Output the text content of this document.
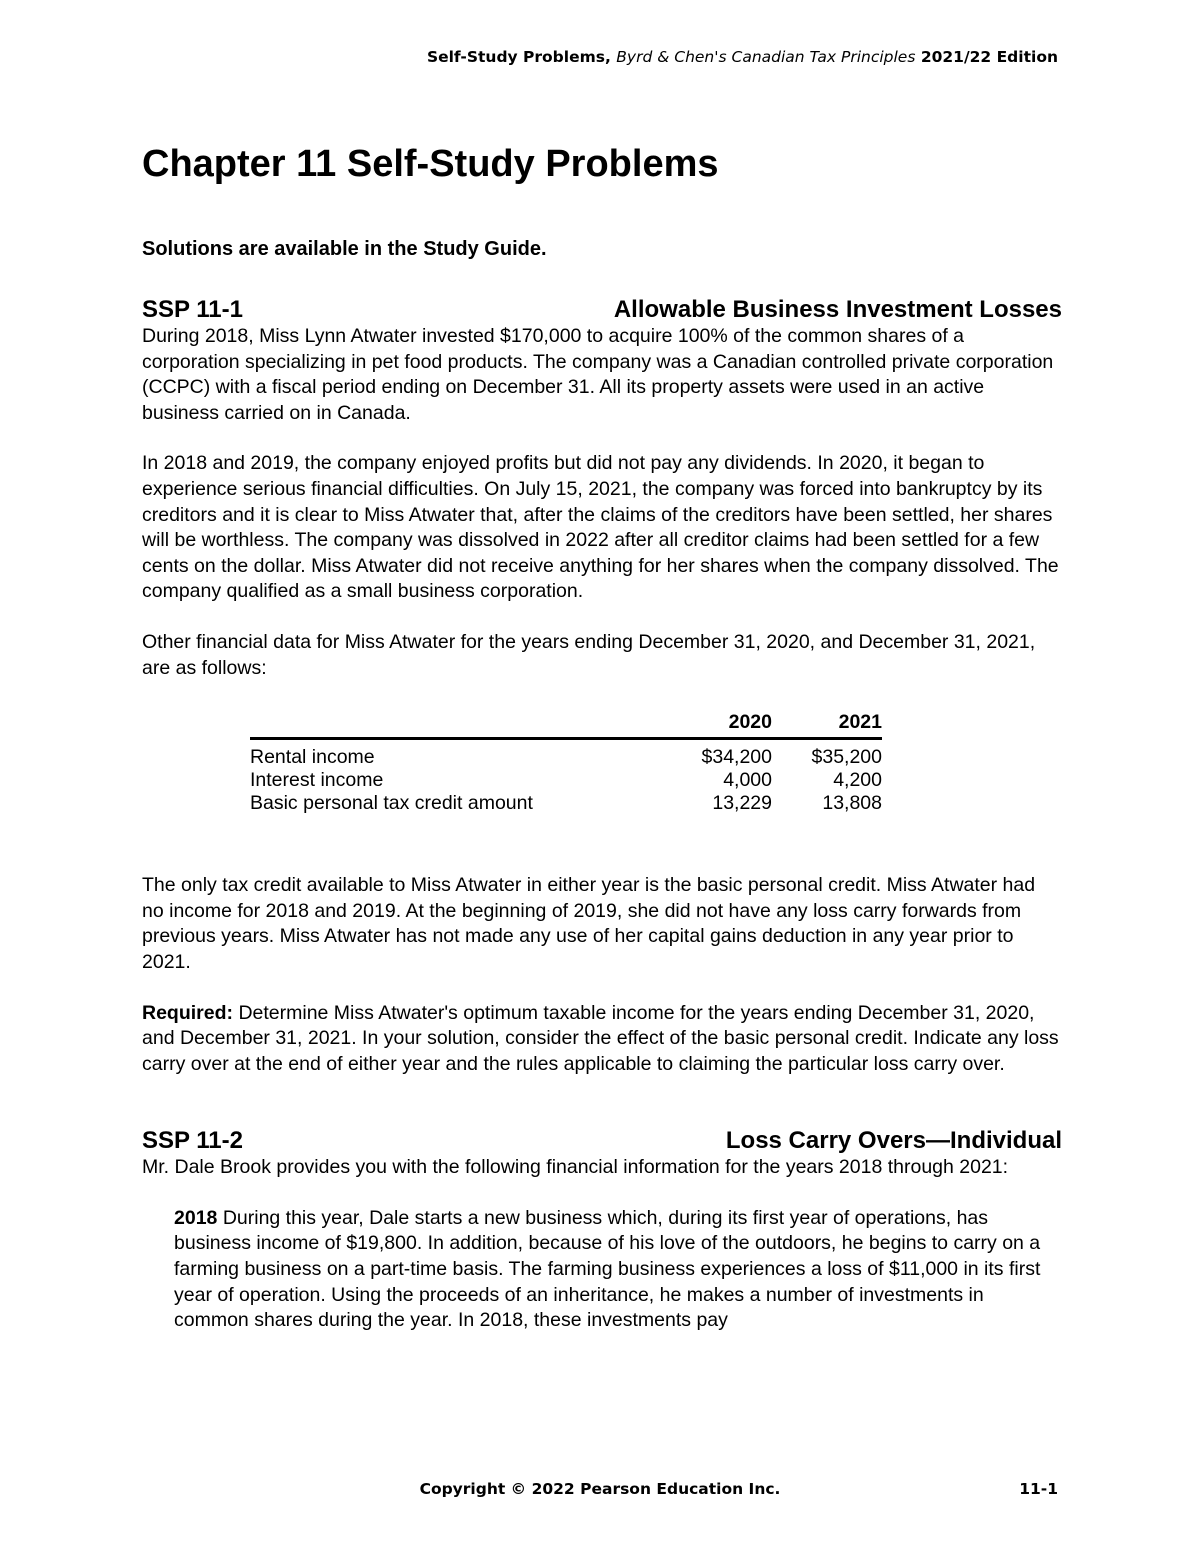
Self-Study Problems, Byrd & Chen's Canadian Tax Principles 2021/22 Edition
Chapter 11 Self-Study Problems
Solutions are available in the Study Guide.
SSP 11-1	Allowable Business Investment Losses

During 2018, Miss Lynn Atwater invested $170,000 to acquire 100% of the common shares of a corporation specializing in pet food products. The company was a Canadian controlled private corporation (CCPC) with a fiscal period ending on December 31. All its property assets were used in an active business carried on in Canada.

In 2018 and 2019, the company enjoyed profits but did not pay any dividends. In 2020, it began to experience serious financial difficulties. On July 15, 2021, the company was forced into bankruptcy by its creditors and it is clear to Miss Atwater that, after the claims of the creditors have been settled, her shares will be worthless. The company was dissolved in 2022 after all creditor claims had been settled for a few cents on the dollar. Miss Atwater did not receive anything for her shares when the company dissolved. The company qualified as a small business corporation.

Other financial data for Miss Atwater for the years ending December 31, 2020, and December 31, 2021, are as follows:

	2020	2021
Rental income	$34,200	$35,200
Interest income	4,000	4,200
Basic personal tax credit amount	13,229	13,808

The only tax credit available to Miss Atwater in either year is the basic personal credit. Miss Atwater had no income for 2018 and 2019. At the beginning of 2019, she did not have any loss carry forwards from previous years. Miss Atwater has not made any use of her capital gains deduction in any year prior to 2021.

Required: Determine Miss Atwater's optimum taxable income for the years ending December 31, 2020, and December 31, 2021. In your solution, consider the effect of the basic personal credit. Indicate any loss carry over at the end of either year and the rules applicable to claiming the particular loss carry over.

SSP 11-2	Loss Carry Overs—Individual

Mr. Dale Brook provides you with the following financial information for the years 2018 through 2021:

2018 During this year, Dale starts a new business which, during its first year of operations, has business income of $19,800. In addition, because of his love of the outdoors, he begins to carry on a farming business on a part-time basis. The farming business experiences a loss of $11,000 in its first year of operation. Using the proceeds of an inheritance, he makes a number of investments in common shares during the year. In 2018, these investments pay

Copyright © 2022 Pearson Education Inc.	11-1
